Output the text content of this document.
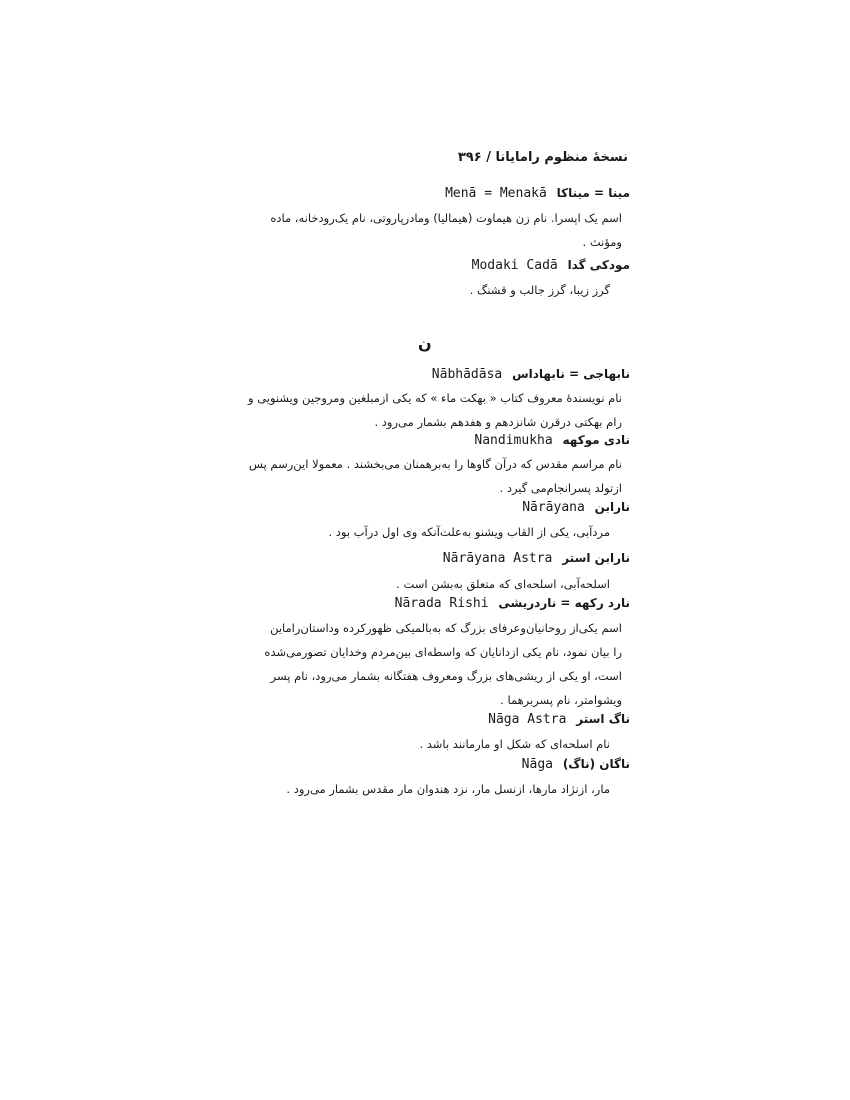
نسخهٔ منظوم رامایانا / ۳۹۶
مینا = میناکا Menā = Menakā
اسم یک اپسرا. نام زن هیماوت (هیمالیا) ومادرپاروتی، نام یک‌رودخانه، ماده
ومؤنث .
مودکی گدا Modaki Cadā
گرز زیبا، گرز جالب و قشنگ .
ن
نابهاجی = نابهاداس Nābhādāsa
نام نویسندهٔ معروف کتاب « بهکت ماء » که یکی ازمبلغین ومروجین ویشنویی و
رام بهکتی درقرن شانزدهم و هفدهم بشمار می‌رود .
نادی موکهه Nandimukha
نام مراسم مقدس که درآن گاوها را به‌برهمنان می‌بخشند . معمولا این‌رسم پس
ازتولد پسرانجام‌می گیرد .
نارابن Nārāyana
مردآبی، یکی از القاب ویشنو به‌علت‌آنکه وی اول درآب بود .
نارابن استر Nārāyana Astra
اسلحه‌آبی، اسلحه‌ای که متعلق به‌بشن است .
نارد رکهه = ناردریشی Nārada Rishi
اسم یکی‌از روحانیان‌وعرفای بزرگ که به‌بالمیکی ظهورکرده وداستان‌راماین
را بیان نمود، نام یکی ازدانایان که واسطه‌ای بین‌مردم وخدایان تصورمی‌شده
است، او یکی از ریشی‌های بزرگ ومعروف هفتگانه بشمار می‌رود، نام پسر
ویشوامتر، نام پسربرهما .
ناگ استر Nāga Astra
نام اسلحه‌ای که شکل او مارمانند باشد .
ناگان (ناگ) Nāga
مار، ازنژاد مارها، ازنسل مار، نزد هندوان مار مقدس بشمار می‌رود .
